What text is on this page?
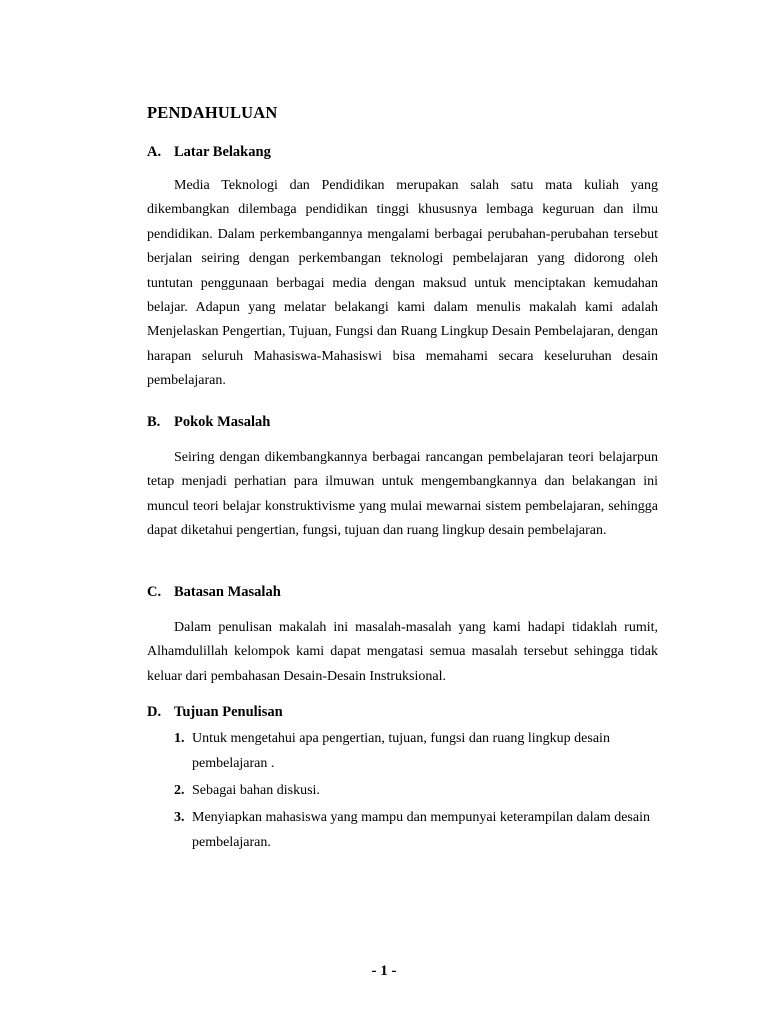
PENDAHULUAN
A. Latar Belakang

Media Teknologi dan Pendidikan merupakan salah satu mata kuliah yang dikembangkan dilembaga pendidikan tinggi khususnya lembaga keguruan dan ilmu pendidikan. Dalam perkembangannya mengalami berbagai perubahan-perubahan tersebut berjalan seiring dengan perkembangan teknologi pembelajaran yang didorong oleh tuntutan penggunaan berbagai media dengan maksud untuk menciptakan kemudahan belajar. Adapun yang melatar belakangi kami dalam menulis makalah kami adalah Menjelaskan Pengertian, Tujuan, Fungsi dan Ruang Lingkup Desain Pembelajaran, dengan harapan seluruh Mahasiswa-Mahasiswi bisa memahami secara keseluruhan desain pembelajaran.

B. Pokok Masalah

Seiring dengan dikembangkannya berbagai rancangan pembelajaran teori belajarpun tetap menjadi perhatian para ilmuwan untuk mengembangkannya dan belakangan ini muncul teori belajar konstruktivisme yang mulai mewarnai sistem pembelajaran, sehingga dapat diketahui pengertian, fungsi, tujuan dan ruang lingkup desain pembelajaran.

C. Batasan Masalah

Dalam penulisan makalah ini masalah-masalah yang kami hadapi tidaklah rumit, Alhamdulillah kelompok kami dapat mengatasi semua masalah tersebut sehingga tidak keluar dari pembahasan Desain-Desain Instruksional.

D. Tujuan Penulisan
1. Untuk mengetahui apa pengertian, tujuan, fungsi dan ruang lingkup desain pembelajaran .
2. Sebagai bahan diskusi.
3. Menyiapkan mahasiswa yang mampu dan mempunyai keterampilan dalam desain pembelajaran.
- 1 -
